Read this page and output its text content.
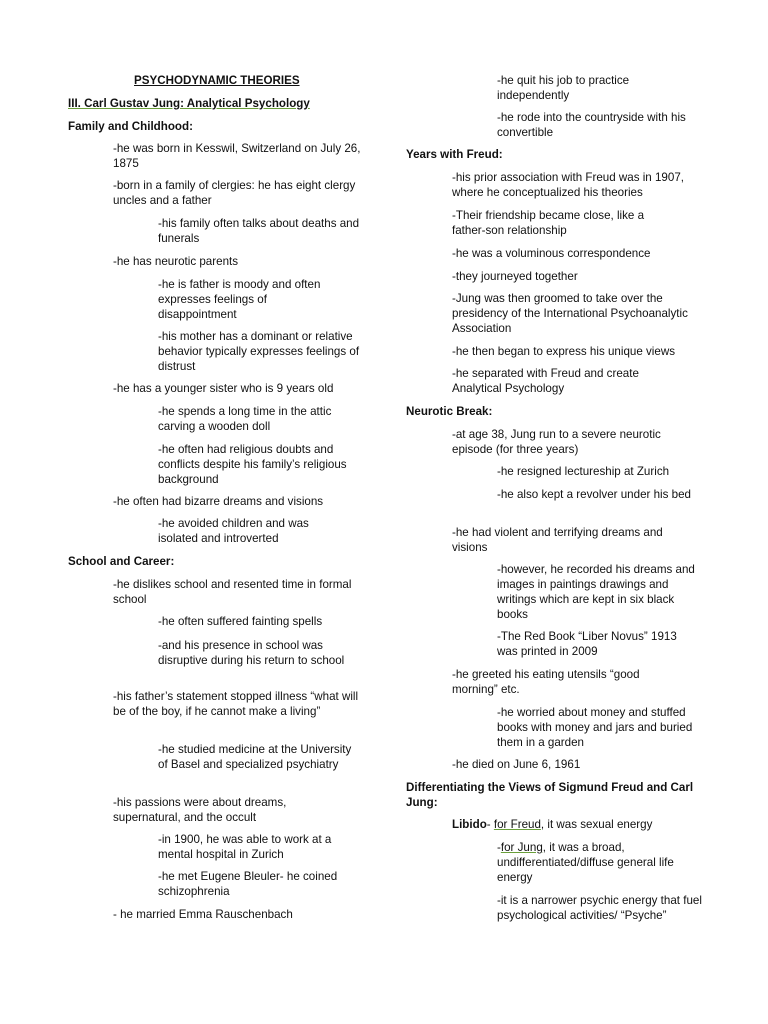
PSYCHODYNAMIC THEORIES

III. Carl Gustav Jung: Analytical Psychology

Family and Childhood:

-he was born in Kesswil, Switzerland on July 26, 1875

-born in a family of clergies: he has eight clergy uncles and a father

-his family often talks about deaths and funerals

-he has neurotic parents

-he is father is moody and often expresses feelings of disappointment

-his mother has a dominant or relative behavior typically expresses feelings of distrust

-he has a younger sister who is 9 years old

-he spends a long time in the attic carving a wooden doll

-he often had religious doubts and conflicts despite his family’s religious background

-he often had bizarre dreams and visions

-he avoided children and was isolated and introverted

School and Career:

-he dislikes school and resented time in formal school

-he often suffered fainting spells

-and his presence in school was disruptive during his return to school

-his father’s statement stopped illness “what will be of the boy, if he cannot make a living”

-he studied medicine at the University of Basel and specialized psychiatry

-his passions were about dreams, supernatural, and the occult

-in 1900, he was able to work at a mental hospital in Zurich

-he met Eugene Bleuler- he coined schizophrenia

- he married Emma Rauschenbach

-he quit his job to practice independently

-he rode into the countryside with his convertible

Years with Freud:

-his prior association with Freud was in 1907, where he conceptualized his theories

-Their friendship became close, like a father-son relationship

-he was a voluminous correspondence

-they journeyed together

-Jung was then groomed to take over the presidency of the International Psychoanalytic Association

-he then began to express his unique views

-he separated with Freud and create Analytical Psychology

Neurotic Break:

-at age 38, Jung run to a severe neurotic episode (for three years)

-he resigned lectureship at Zurich

-he also kept a revolver under his bed

-he had violent and terrifying dreams and visions

-however, he recorded his dreams and images in paintings drawings and writings which are kept in six black books

-The Red Book “Liber Novus” 1913 was printed in 2009

-he greeted his eating utensils “good morning” etc.

-he worried about money and stuffed books with money and jars and buried them in a garden

-he died on June 6, 1961

Differentiating the Views of Sigmund Freud and Carl Jung:

Libido- for Freud, it was sexual energy

-for Jung, it was a broad, undifferentiated/diffuse general life energy

-it is a narrower psychic energy that fuel psychological activities/ “Psyche”
